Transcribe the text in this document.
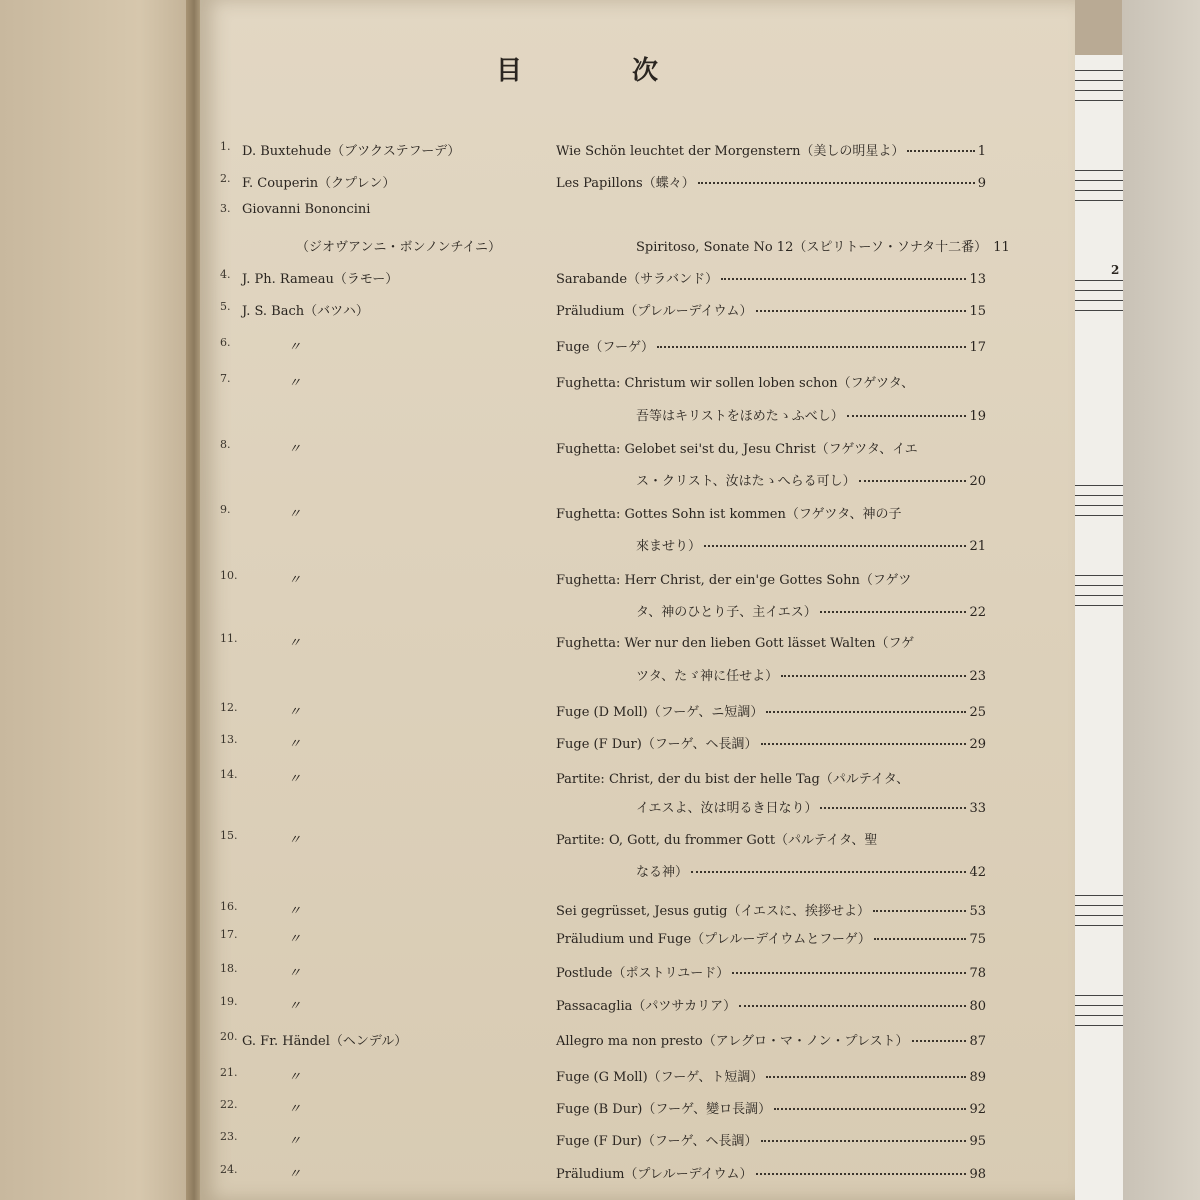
2
目	次
1. D. Buxtehude（ブツクステフーデ）	Wie Schön leuchtet der Morgenstern（美しの明星よ）	1
2. F. Couperin（クプレン）	Les Papillons（蝶々）	9
3. Giovanni Bononcini
（ジオヴアンニ・ボンノンチイニ）	Spiritoso, Sonate No 12（スピリトーソ・ソナタ十二番） 11
4. J. Ph. Rameau（ラモー）	Sarabande（サラバンド）	13
5. J. S. Bach（バツハ）	Präludium（プレルーデイウム）	15
6.	〃	Fuge（フーゲ）	17
7.	〃	Fughetta: Christum wir sollen loben schon（フゲツタ、
吾等はキリストをほめたゝふべし）	19
8.	〃	Fughetta: Gelobet sei'st du, Jesu Christ（フゲツタ、イエ
ス・クリスト、汝はたゝへらる可し）	20
9.	〃	Fughetta: Gottes Sohn ist kommen（フゲツタ、神の子
來ませり）	21
10.	〃	Fughetta: Herr Christ, der ein'ge Gottes Sohn（フゲツ
タ、神のひとり子、主イエス）	22
11.	〃	Fughetta: Wer nur den lieben Gott lässet Walten（フゲ
ツタ、たゞ神に任せよ）	23
12.	〃	Fuge (D Moll)（フーゲ、ニ短調）	25
13.	〃	Fuge (F Dur)（フーゲ、ヘ長調）	29
14.	〃	Partite: Christ, der du bist der helle Tag（パルテイタ、
イエスよ、汝は明るき日なり）	33
15.	〃	Partite: O, Gott, du frommer Gott（パルテイタ、聖
なる神）	42
16.	〃	Sei gegrüsset, Jesus gutig（イエスに、挨拶せよ）	53
17.	〃	Präludium und Fuge（プレルーデイウムとフーゲ）	75
18.	〃	Postlude（ポストリユード）	78
19.	〃	Passacaglia（パツサカリア）	80
20. G. Fr. Händel（ヘンデル）	Allegro ma non presto（アレグロ・マ・ノン・プレスト）	87
21.	〃	Fuge (G Moll)（フーゲ、ト短調）	89
22.	〃	Fuge (B Dur)（フーゲ、變ロ長調）	92
23.	〃	Fuge (F Dur)（フーゲ、ヘ長調）	95
24.	〃	Präludium（プレルーデイウム）	98
